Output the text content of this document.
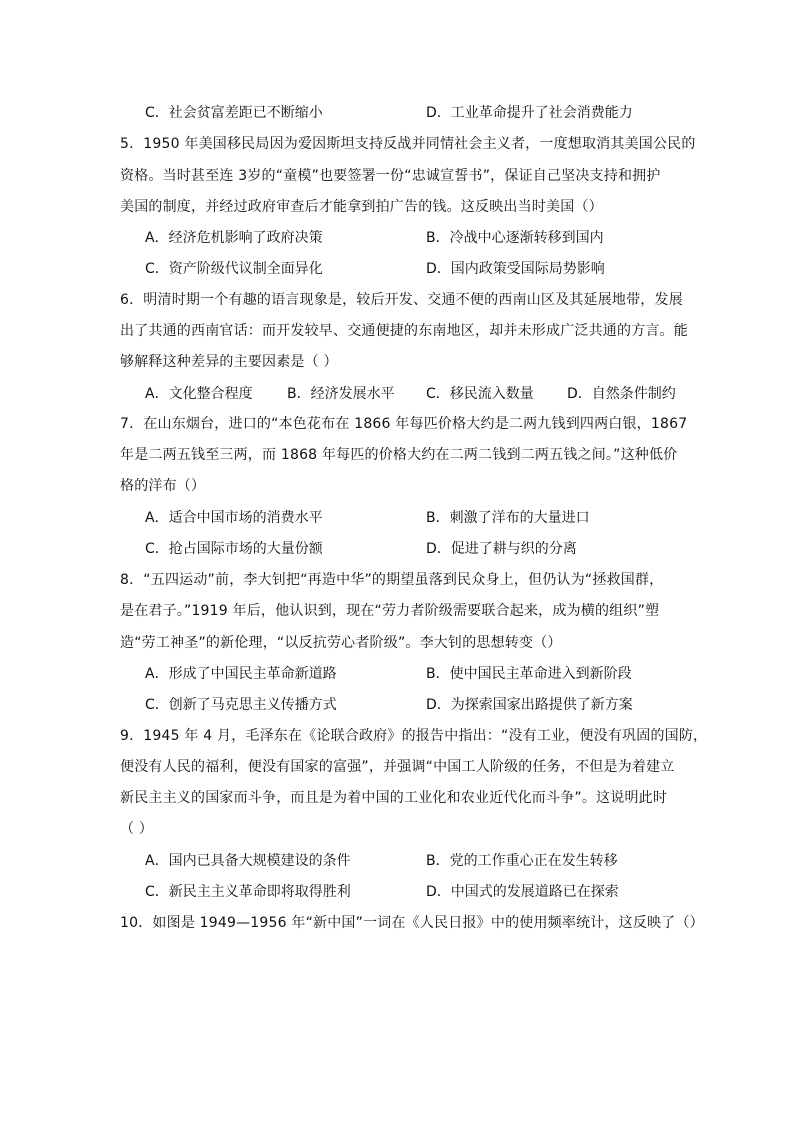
C．社会贫富差距已不断缩小	D．工业革命提升了社会消费能力
5．1950 年美国移民局因为爱因斯坦支持反战并同情社会主义者，一度想取消其美国公民的
资格。当时甚至连 3岁的“童模”也要签署一份“忠诚宣誓书”，保证自己坚决支持和拥护
美国的制度，并经过政府审查后才能拿到拍广告的钱。这反映出当时美国（）
A．经济危机影响了政府决策	B．冷战中心逐渐转移到国内
C．资产阶级代议制全面异化	D．国内政策受国际局势影响
6．明清时期一个有趣的语言现象是，较后开发、交通不便的西南山区及其延展地带，发展
出了共通的西南官话：而开发较早、交通便捷的东南地区，却并未形成广泛共通的方言。能
够解释这种差异的主要因素是（ ）
A．文化整合程度 B．经济发展水平 C．移民流入数量 D．自然条件制约
7．在山东烟台，进口的“本色花布在 1866 年每匹价格大约是二两九钱到四两白银，1867
年是二两五钱至三两，而 1868 年每匹的价格大约在二两二钱到二两五钱之间。”这种低价
格的洋布（）
A．适合中国市场的消费水平	B．刺激了洋布的大量进口
C．抢占国际市场的大量份额	D．促进了耕与织的分离
8．“五四运动”前，李大钊把“再造中华”的期望虽落到民众身上，但仍认为“拯救国群，
是在君子。”1919 年后，他认识到，现在“劳力者阶级需要联合起来，成为横的组织”塑
造“劳工神圣”的新伦理，“以反抗劳心者阶级”。李大钊的思想转变（）
A．形成了中国民主革命新道路	B．使中国民主革命进入到新阶段
C．创新了马克思主义传播方式	D．为探索国家出路提供了新方案
9．1945 年 4 月，毛泽东在《论联合政府》的报告中指出：“没有工业，便没有巩固的国防，
便没有人民的福利，便没有国家的富强”，并强调“中国工人阶级的任务，不但是为着建立
新民主主义的国家而斗争，而且是为着中国的工业化和农业近代化而斗争”。这说明此时
（ ）
A．国内已具备大规模建设的条件	B．党的工作重心正在发生转移
C．新民主主义革命即将取得胜利	D．中国式的发展道路已在探索
10．如图是 1949—1956 年“新中国”一词在《人民日报》中的使用频率统计，这反映了（）
